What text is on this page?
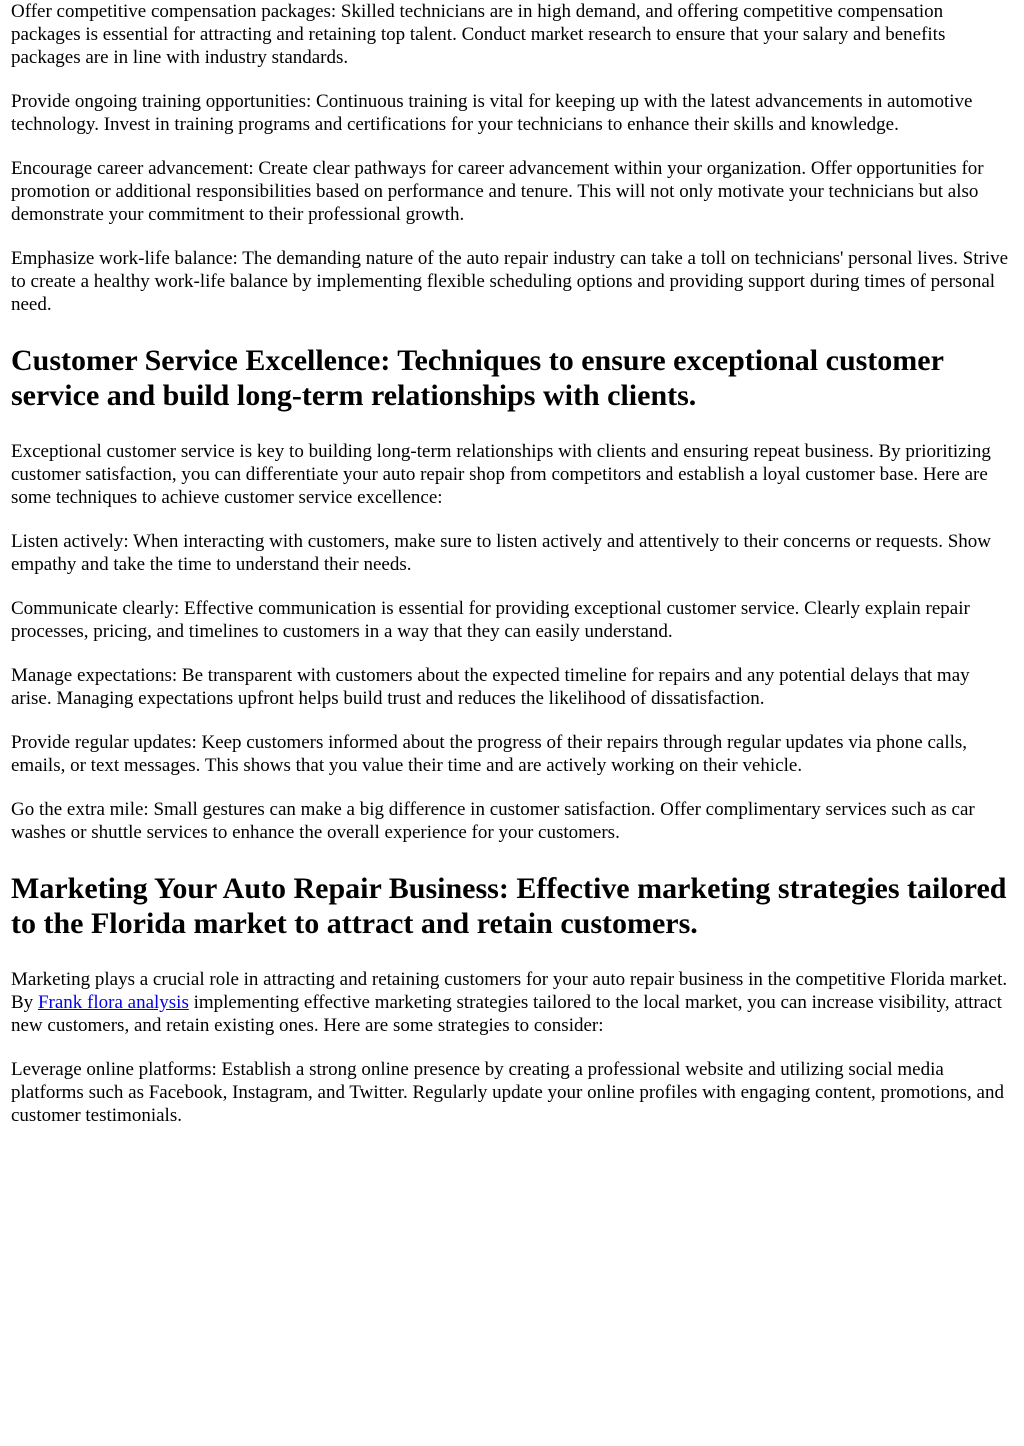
Offer competitive compensation packages: Skilled technicians are in high demand, and offering competitive compensation packages is essential for attracting and retaining top talent. Conduct market research to ensure that your salary and benefits packages are in line with industry standards.

Provide ongoing training opportunities: Continuous training is vital for keeping up with the latest advancements in automotive technology. Invest in training programs and certifications for your technicians to enhance their skills and knowledge.

Encourage career advancement: Create clear pathways for career advancement within your organization. Offer opportunities for promotion or additional responsibilities based on performance and tenure. This will not only motivate your technicians but also demonstrate your commitment to their professional growth.

Emphasize work-life balance: The demanding nature of the auto repair industry can take a toll on technicians' personal lives. Strive to create a healthy work-life balance by implementing flexible scheduling options and providing support during times of personal need.

Customer Service Excellence: Techniques to ensure exceptional customer service and build long-term relationships with clients.

Exceptional customer service is key to building long-term relationships with clients and ensuring repeat business. By prioritizing customer satisfaction, you can differentiate your auto repair shop from competitors and establish a loyal customer base. Here are some techniques to achieve customer service excellence:

Listen actively: When interacting with customers, make sure to listen actively and attentively to their concerns or requests. Show empathy and take the time to understand their needs.

Communicate clearly: Effective communication is essential for providing exceptional customer service. Clearly explain repair processes, pricing, and timelines to customers in a way that they can easily understand.

Manage expectations: Be transparent with customers about the expected timeline for repairs and any potential delays that may arise. Managing expectations upfront helps build trust and reduces the likelihood of dissatisfaction.

Provide regular updates: Keep customers informed about the progress of their repairs through regular updates via phone calls, emails, or text messages. This shows that you value their time and are actively working on their vehicle.

Go the extra mile: Small gestures can make a big difference in customer satisfaction. Offer complimentary services such as car washes or shuttle services to enhance the overall experience for your customers.

Marketing Your Auto Repair Business: Effective marketing strategies tailored to the Florida market to attract and retain customers.

Marketing plays a crucial role in attracting and retaining customers for your auto repair business in the competitive Florida market. By Frank flora analysis implementing effective marketing strategies tailored to the local market, you can increase visibility, attract new customers, and retain existing ones. Here are some strategies to consider:

Leverage online platforms: Establish a strong online presence by creating a professional website and utilizing social media platforms such as Facebook, Instagram, and Twitter. Regularly update your online profiles with engaging content, promotions, and customer testimonials.
